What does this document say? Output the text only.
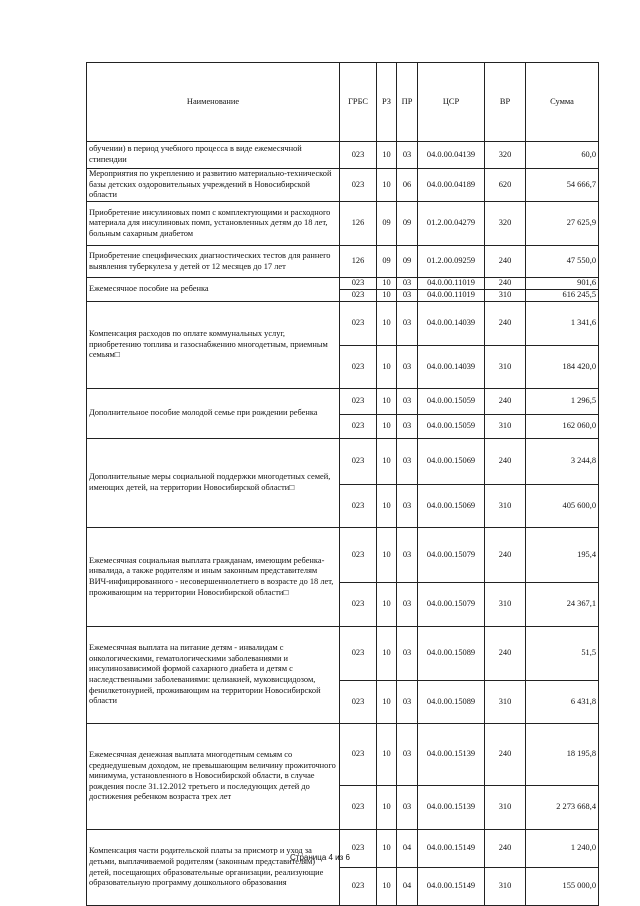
Наименование	ГРБС	РЗ	ПР	ЦСР	ВР	Сумма
обучении) в период учебного процесса в виде ежемесячной стипендии	023	10	03	04.0.00.04139	320	60,0
Мероприятия по укреплению и развитию материально-технической базы детских оздоровительных учреждений в Новосибирской области	023	10	06	04.0.00.04189	620	54 666,7
Приобретение инсулиновых помп с комплектующими и расходного материала для инсулиновых помп, установленных детям до 18 лет, больным сахарным диабетом	126	09	09	01.2.00.04279	320	27 625,9
Приобретение специфических диагностических тестов для раннего выявления туберкулеза у детей от 12 месяцев до 17 лет	126	09	09	01.2.00.09259	240	47 550,0
Ежемесячное пособие на ребенка	023	10	03	04.0.00.11019	240	901,6
	023	10	03	04.0.00.11019	310	616 245,5
Компенсация расходов по оплате коммунальных услуг, приобретению топлива и газоснабжению многодетным, приемным семьям□	023	10	03	04.0.00.14039	240	1 341,6
	023	10	03	04.0.00.14039	310	184 420,0
Дополнительное пособие молодой семье при рождении ребенка	023	10	03	04.0.00.15059	240	1 296,5
	023	10	03	04.0.00.15059	310	162 060,0
Дополнительные меры социальной поддержки многодетных семей, имеющих детей, на территории Новосибирской области□	023	10	03	04.0.00.15069	240	3 244,8
	023	10	03	04.0.00.15069	310	405 600,0
Ежемесячная социальная выплата гражданам, имеющим ребенка-инвалида, а также родителям и иным законным представителям ВИЧ-инфицированного - несовершеннолетнего в возрасте до 18 лет, проживающим на территории Новосибирской области□	023	10	03	04.0.00.15079	240	195,4
	023	10	03	04.0.00.15079	310	24 367,1
Ежемесячная выплата на питание детям - инвалидам с онкологическими, гематологическими заболеваниями и инсулинозависимой формой сахарного диабета и детям с наследственными заболеваниями: целиакией, муковисцидозом, фенилкетонурией, проживающим на территории Новосибирской области	023	10	03	04.0.00.15089	240	51,5
	023	10	03	04.0.00.15089	310	6 431,8
Ежемесячная денежная выплата многодетным семьям со среднедушевым доходом, не превышающим величину прожиточного минимума, установленного в Новосибирской области, в случае рождения после 31.12.2012 третьего и последующих детей до достижения ребенком возраста трех лет	023	10	03	04.0.00.15139	240	18 195,8
	023	10	03	04.0.00.15139	310	2 273 668,4
Компенсация части родительской платы за присмотр и уход за детьми, выплачиваемой родителям (законным представителям) детей, посещающих образовательные организации, реализующие образовательную программу дошкольного образования	023	10	04	04.0.00.15149	240	1 240,0
	023	10	04	04.0.00.15149	310	155 000,0
Страница 4 из 6
